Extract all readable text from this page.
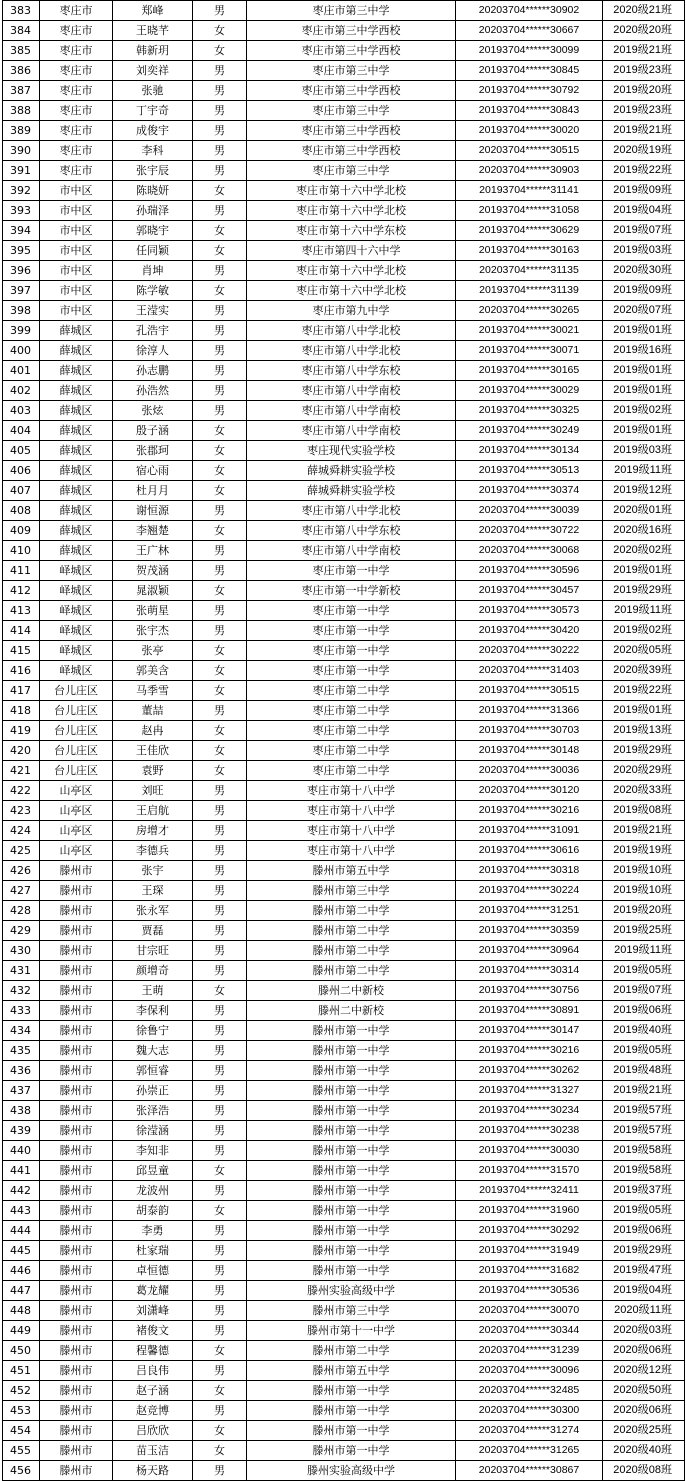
383	枣庄市	郑峰	男	枣庄市第三中学	20203704******30902	2020级21班
384	枣庄市	王晓芊	女	枣庄市第三中学西校	20203704******30667	2020级20班
385	枣庄市	韩新玥	女	枣庄市第三中学西校	20193704******30099	2019级21班
386	枣庄市	刘奕祥	男	枣庄市第三中学	20193704******30845	2019级23班
387	枣庄市	张驰	男	枣庄市第三中学西校	20193704******30792	2019级20班
388	枣庄市	丁宇奇	男	枣庄市第三中学	20193704******30843	2019级23班
389	枣庄市	成俊宇	男	枣庄市第三中学西校	20193704******30020	2019级21班
390	枣庄市	李科	男	枣庄市第三中学西校	20203704******30515	2020级19班
391	枣庄市	张宇辰	男	枣庄市第三中学	20203704******30903	2019级22班
392	市中区	陈晓妍	女	枣庄市第十六中学北校	20193704******31141	2019级09班
393	市中区	孙瑞泽	男	枣庄市第十六中学北校	20193704******31058	2019级04班
394	市中区	郭晓宇	女	枣庄市第十六中学东校	20193704******30629	2019级07班
395	市中区	任同颖	女	枣庄市第四十六中学	20193704******30163	2019级03班
396	市中区	肖坤	男	枣庄市第十六中学北校	20203704******31135	2020级30班
397	市中区	陈学敏	女	枣庄市第十六中学北校	20193704******31139	2019级09班
398	市中区	王滢实	男	枣庄市第九中学	20203704******30265	2020级07班
399	薛城区	孔浩宇	男	枣庄市第八中学北校	20193704******30021	2019级01班
400	薛城区	徐淳人	男	枣庄市第八中学北校	20193704******30071	2019级16班
401	薛城区	孙志鹏	男	枣庄市第八中学东校	20193704******30165	2019级01班
402	薛城区	孙浩然	男	枣庄市第八中学南校	20193704******30029	2019级01班
403	薛城区	张炫	男	枣庄市第八中学南校	20193704******30325	2019级02班
404	薛城区	殷子涵	女	枣庄市第八中学南校	20193704******30249	2019级01班
405	薛城区	张郡珂	女	枣庄现代实验学校	20193704******30134	2019级03班
406	薛城区	宿心雨	女	薛城舜耕实验学校	20193704******30513	2019级11班
407	薛城区	杜月月	女	薛城舜耕实验学校	20193704******30374	2019级12班
408	薛城区	谢恒源	男	枣庄市第八中学北校	20203704******30039	2020级01班
409	薛城区	李翘楚	女	枣庄市第八中学东校	20203704******30722	2020级16班
410	薛城区	王广林	男	枣庄市第八中学南校	20203704******30068	2020级02班
411	峄城区	贺茂涵	男	枣庄市第一中学	20193704******30596	2019级01班
412	峄城区	晁淑颖	女	枣庄市第一中学新校	20193704******30457	2019级29班
413	峄城区	张萌星	男	枣庄市第一中学	20193704******30573	2019级11班
414	峄城区	张宇杰	男	枣庄市第一中学	20193704******30420	2019级02班
415	峄城区	张亭	女	枣庄市第一中学	20203704******30222	2020级05班
416	峄城区	郭美含	女	枣庄市第一中学	20203704******31403	2020级39班
417	台儿庄区	马季雪	女	枣庄市第二中学	20193704******30515	2019级22班
418	台儿庄区	董喆	男	枣庄市第二中学	20193704******31366	2019级01班
419	台儿庄区	赵冉	女	枣庄市第二中学	20193704******30703	2019级13班
420	台儿庄区	王佳欣	女	枣庄市第二中学	20193704******30148	2019级29班
421	台儿庄区	袁野	女	枣庄市第二中学	20203704******30036	2020级29班
422	山亭区	刘旺	男	枣庄市第十八中学	20203704******30120	2020级33班
423	山亭区	王启航	男	枣庄市第十八中学	20193704******30216	2019级08班
424	山亭区	房增才	男	枣庄市第十八中学	20193704******31091	2019级21班
425	山亭区	李德兵	男	枣庄市第十八中学	20193704******30616	2019级19班
426	滕州市	张宇	男	滕州市第五中学	20193704******30318	2019级10班
427	滕州市	王琛	男	滕州市第三中学	20193704******30224	2019级10班
428	滕州市	张永军	男	滕州市第二中学	20193704******31251	2019级20班
429	滕州市	贾磊	男	滕州市第二中学	20193704******30359	2019级25班
430	滕州市	甘宗旺	男	滕州市第二中学	20193704******30964	2019级11班
431	滕州市	颜增奇	男	滕州市第二中学	20193704******30314	2019级05班
432	滕州市	王萌	女	滕州二中新校	20193704******30756	2019级07班
433	滕州市	李保利	男	滕州二中新校	20193704******30891	2019级06班
434	滕州市	徐鲁宁	男	滕州市第一中学	20193704******30147	2019级40班
435	滕州市	魏大志	男	滕州市第一中学	20193704******30216	2019级05班
436	滕州市	郭恒睿	男	滕州市第一中学	20193704******30262	2019级48班
437	滕州市	孙崇正	男	滕州市第一中学	20193704******31327	2019级21班
438	滕州市	张泽浩	男	滕州市第一中学	20193704******30234	2019级57班
439	滕州市	徐滢涵	男	滕州市第一中学	20193704******30238	2019级57班
440	滕州市	李知非	男	滕州市第一中学	20193704******30030	2019级58班
441	滕州市	邱昱童	女	滕州市第一中学	20193704******31570	2019级58班
442	滕州市	龙波州	男	滕州市第一中学	20193704******32411	2019级37班
443	滕州市	胡泰韵	女	滕州市第一中学	20193704******31960	2019级05班
444	滕州市	李勇	男	滕州市第一中学	20193704******30292	2019级06班
445	滕州市	杜家瑞	男	滕州市第一中学	20193704******31949	2019级29班
446	滕州市	卓恒德	男	滕州市第一中学	20193704******31682	2019级47班
447	滕州市	葛龙耀	男	滕州实验高级中学	20193704******30536	2019级04班
448	滕州市	刘潇峰	男	滕州市第三中学	20203704******30070	2020级11班
449	滕州市	褚俊文	男	滕州市第十一中学	20203704******30344	2020级03班
450	滕州市	程馨德	女	滕州市第二中学	20203704******31239	2020级06班
451	滕州市	吕良伟	男	滕州市第五中学	20203704******30096	2020级12班
452	滕州市	赵子涵	女	滕州市第一中学	20203704******32485	2020级50班
453	滕州市	赵竞博	男	滕州市第一中学	20203704******30300	2020级06班
454	滕州市	吕欣欣	女	滕州市第一中学	20203704******31274	2020级25班
455	滕州市	苗玉洁	女	滕州市第一中学	20203704******31265	2020级40班
456	滕州市	杨天路	男	滕州实验高级中学	20203704******30867	2020级08班
